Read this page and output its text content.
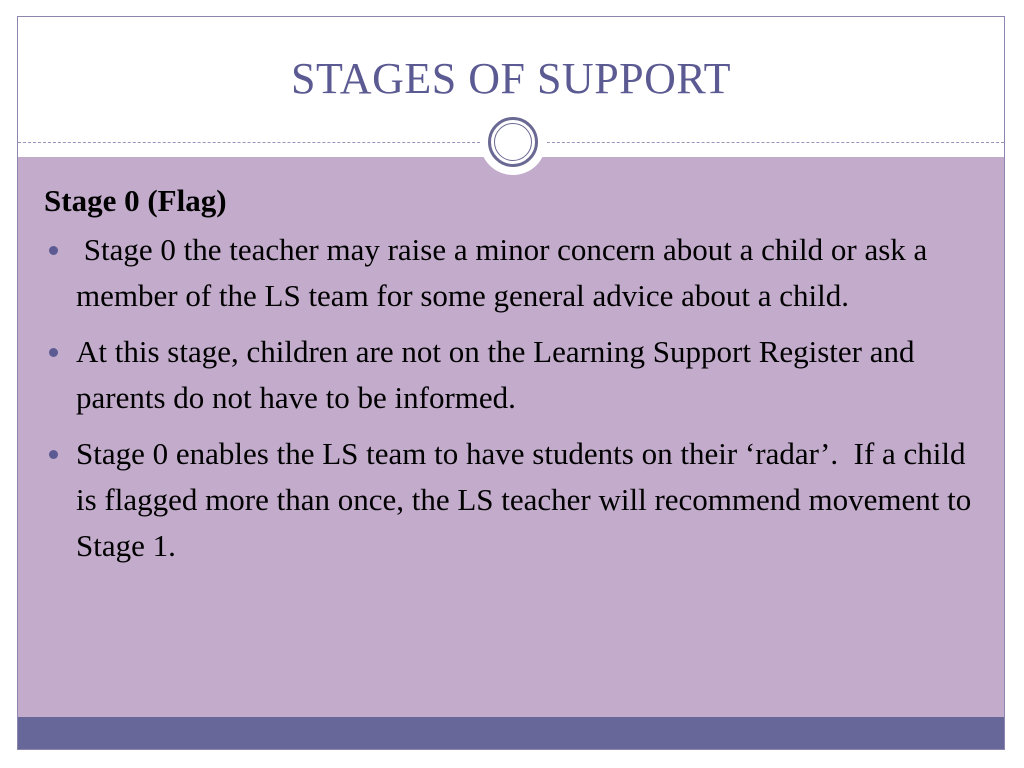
STAGES OF SUPPORT
Stage 0 (Flag)
Stage 0 the teacher may raise a minor concern about a child or ask a member of the LS team for some general advice about a child.
At this stage, children are not on the Learning Support Register and parents do not have to be informed.
Stage 0 enables the LS team to have students on their ‘radar’.  If a child is flagged more than once, the LS teacher will recommend movement to Stage 1.
